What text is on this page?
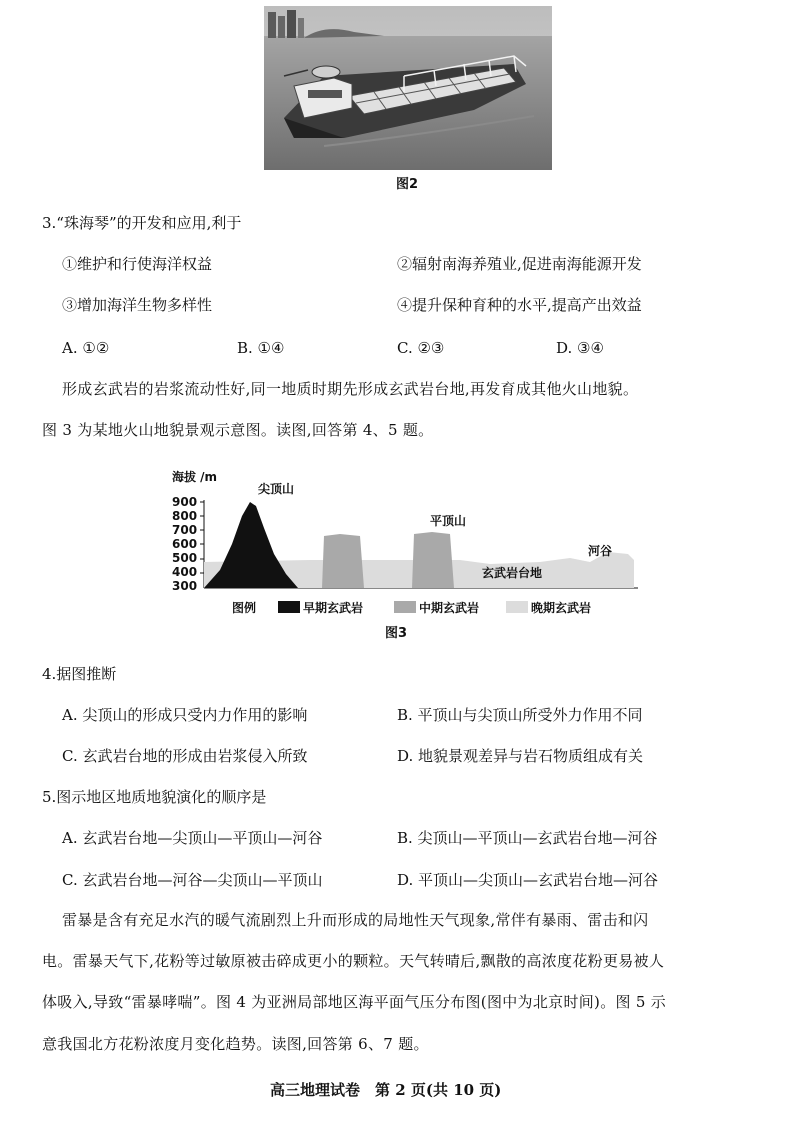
图2
3.“珠海琴”的开发和应用,利于
①维护和行使海洋权益	②辐射南海养殖业,促进南海能源开发
③增加海洋生物多样性	④提升保种育种的水平,提高产出效益
A. ①②	B. ①④	C. ②③	D. ③④
形成玄武岩的岩浆流动性好,同一地质时期先形成玄武岩台地,再发育成其他火山地貌。
图 3 为某地火山地貌景观示意图。读图,回答第 4、5 题。
海拔 /m
900
800
700
600
500
400
300
尖顶山
平顶山
玄武岩台地
河谷
图例	早期玄武岩	中期玄武岩	晚期玄武岩
图3
4.据图推断
A. 尖顶山的形成只受内力作用的影响	B. 平顶山与尖顶山所受外力作用不同
C. 玄武岩台地的形成由岩浆侵入所致	D. 地貌景观差异与岩石物质组成有关
5.图示地区地质地貌演化的顺序是
A. 玄武岩台地—尖顶山—平顶山—河谷	B. 尖顶山—平顶山—玄武岩台地—河谷
C. 玄武岩台地—河谷—尖顶山—平顶山	D. 平顶山—尖顶山—玄武岩台地—河谷
雷暴是含有充足水汽的暖气流剧烈上升而形成的局地性天气现象,常伴有暴雨、雷击和闪
电。雷暴天气下,花粉等过敏原被击碎成更小的颗粒。天气转晴后,飘散的高浓度花粉更易被人
体吸入,导致“雷暴哮喘”。图 4 为亚洲局部地区海平面气压分布图(图中为北京时间)。图 5 示
意我国北方花粉浓度月变化趋势。读图,回答第 6、7 题。
高三地理试卷　第 2 页(共 10 页)
